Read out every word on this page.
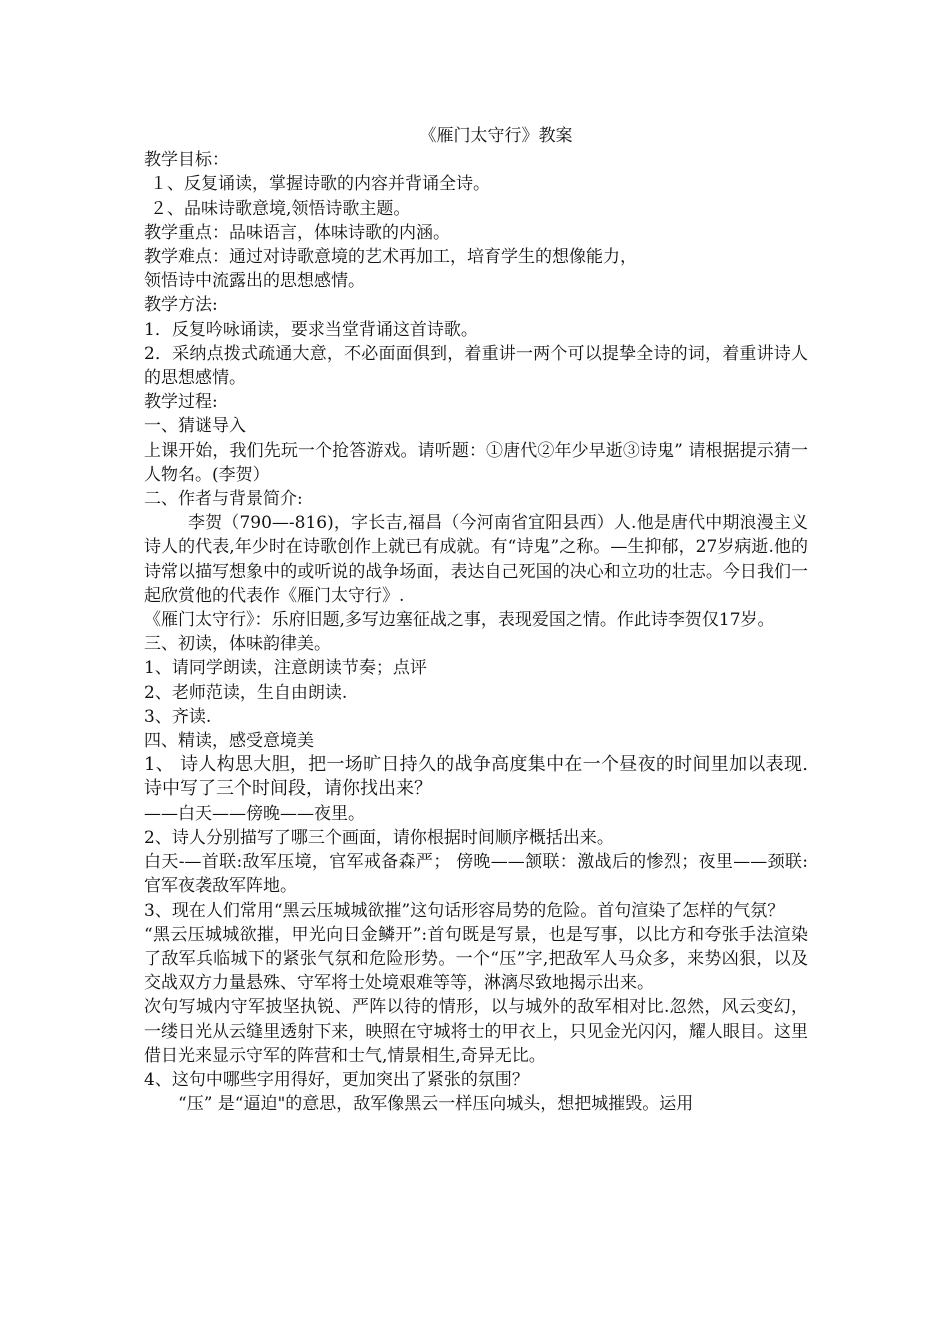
《雁门太守行》教案

教学目标：

１、反复诵读，掌握诗歌的内容并背诵全诗。

２、品味诗歌意境,领悟诗歌主题。

教学重点：品味语言，体味诗歌的内涵。

教学难点：通过对诗歌意境的艺术再加工，培育学生的想像能力，

领悟诗中流露出的思想感情。

教学方法:

1．反复吟咏诵读，要求当堂背诵这首诗歌。

2．采纳点拨式疏通大意，不必面面俱到，着重讲一两个可以提挚全诗的词，着重讲诗人的思想感情。

教学过程:

一、猜谜导入

上课开始，我们先玩一个抢答游戏。请听题：①唐代②年少早逝③诗鬼” 请根据提示猜一人物名。(李贺）

二、作者与背景简介:

李贺（790—-816)，字长吉,福昌（今河南省宜阳县西）人.他是唐代中期浪漫主义诗人的代表,年少时在诗歌创作上就已有成就。有“诗鬼”之称。—生抑郁，27岁病逝.他的诗常以描写想象中的或听说的战争场面，表达自己死国的决心和立功的壮志。今日我们一起欣赏他的代表作《雁门太守行》.

《雁门太守行》：乐府旧题,多写边塞征战之事，表现爱国之情。作此诗李贺仅17岁。

三、初读，体味韵律美。

1、请同学朗读，注意朗读节奏；点评

2、老师范读，生自由朗读.

3、齐读.

四、精读，感受意境美

1、 诗人构思大胆，把一场旷日持久的战争高度集中在一个昼夜的时间里加以表现.诗中写了三个时间段，请你找出来？

——白天——傍晚——夜里。

2、诗人分别描写了哪三个画面，请你根据时间顺序概括出来。

白天-—首联:敌军压境，官军戒备森严； 傍晚——颔联：激战后的惨烈；夜里——颈联:官军夜袭敌军阵地。

3、现在人们常用“黑云压城城欲摧”这句话形容局势的危险。首句渲染了怎样的气氛？

“黑云压城城欲摧，甲光向日金鳞开”:首句既是写景，也是写事，以比方和夸张手法渲染了敌军兵临城下的紧张气氛和危险形势。一个“压”字,把敌军人马众多，来势凶狠，以及交战双方力量悬殊、守军将士处境艰难等等，淋漓尽致地揭示出来。

次句写城内守军披坚执锐、严阵以待的情形，以与城外的敌军相对比.忽然，风云变幻，一缕日光从云缝里透射下来，映照在守城将士的甲衣上，只见金光闪闪，耀人眼目。这里借日光来显示守军的阵营和士气,情景相生,奇异无比。

4、这句中哪些字用得好，更加突出了紧张的氛围？

“压” 是“逼迫"的意思，敌军像黑云一样压向城头，想把城摧毁。运用
